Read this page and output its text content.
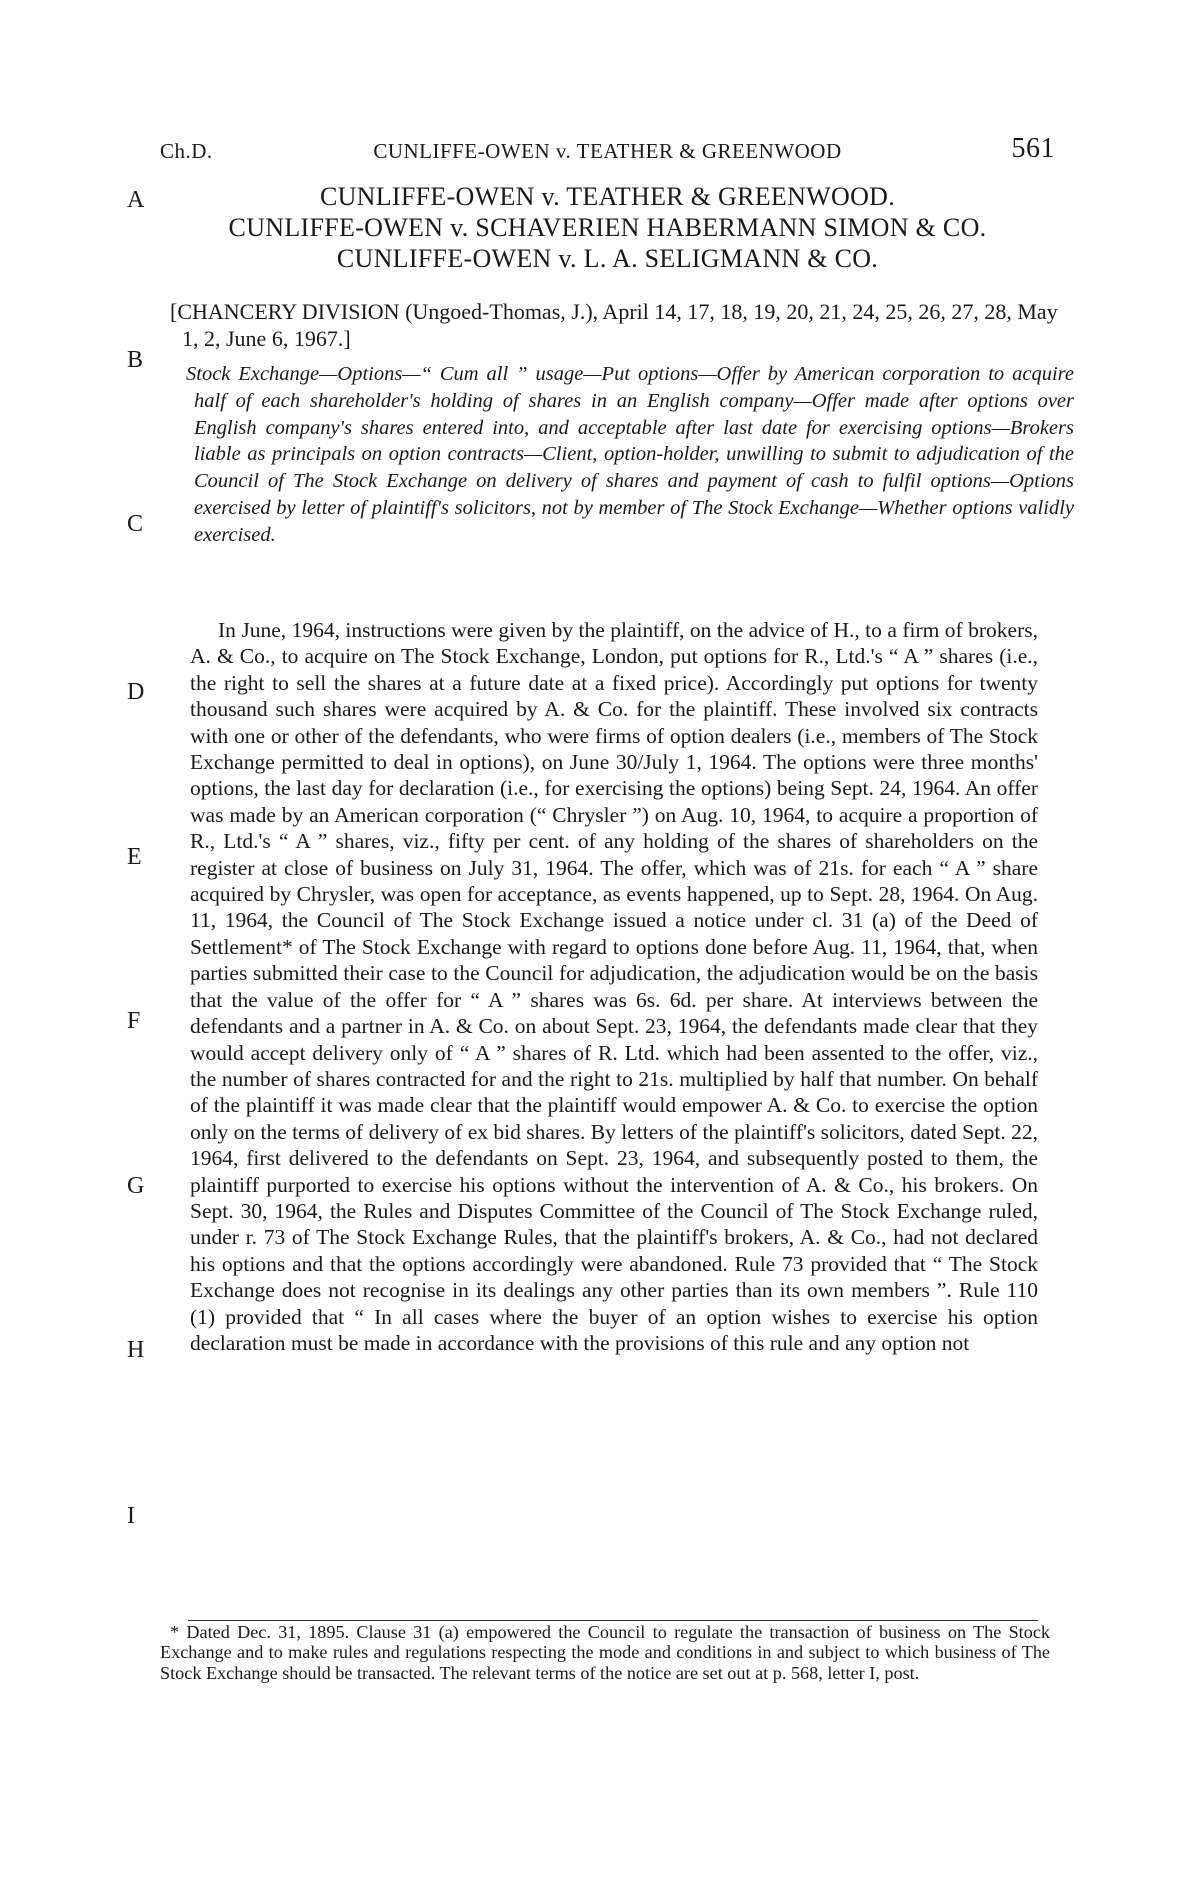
Ch.D.	CUNLIFFE-OWEN v. TEATHER & GREENWOOD	561
A
B
C
D
E
F
G
H
I
CUNLIFFE-OWEN v. TEATHER & GREENWOOD.
CUNLIFFE-OWEN v. SCHAVERIEN HABERMANN SIMON & CO.
CUNLIFFE-OWEN v. L. A. SELIGMANN & CO.
[CHANCERY DIVISION (Ungoed-Thomas, J.), April 14, 17, 18, 19, 20, 21, 24, 25, 26, 27, 28, May 1, 2, June 6, 1967.]
Stock Exchange—Options—“ Cum all ” usage—Put options—Offer by American corporation to acquire half of each shareholder's holding of shares in an English company—Offer made after options over English company's shares entered into, and acceptable after last date for exercising options—Brokers liable as principals on option contracts—Client, option-holder, unwilling to submit to adjudication of the Council of The Stock Exchange on delivery of shares and payment of cash to fulfil options—Options exercised by letter of plaintiff's solicitors, not by member of The Stock Exchange—Whether options validly exercised.
In June, 1964, instructions were given by the plaintiff, on the advice of H., to a firm of brokers, A. & Co., to acquire on The Stock Exchange, London, put options for R., Ltd.'s “ A ” shares (i.e., the right to sell the shares at a future date at a fixed price). Accordingly put options for twenty thousand such shares were acquired by A. & Co. for the plaintiff. These involved six contracts with one or other of the defendants, who were firms of option dealers (i.e., members of The Stock Exchange permitted to deal in options), on June 30/July 1, 1964. The options were three months' options, the last day for declaration (i.e., for exercising the options) being Sept. 24, 1964. An offer was made by an American corporation (“ Chrysler ”) on Aug. 10, 1964, to acquire a proportion of R., Ltd.'s “ A ” shares, viz., fifty per cent. of any holding of the shares of shareholders on the register at close of business on July 31, 1964. The offer, which was of 21s. for each “ A ” share acquired by Chrysler, was open for acceptance, as events happened, up to Sept. 28, 1964. On Aug. 11, 1964, the Council of The Stock Exchange issued a notice under cl. 31 (a) of the Deed of Settlement* of The Stock Exchange with regard to options done before Aug. 11, 1964, that, when parties submitted their case to the Council for adjudication, the adjudication would be on the basis that the value of the offer for “ A ” shares was 6s. 6d. per share. At interviews between the defendants and a partner in A. & Co. on about Sept. 23, 1964, the defendants made clear that they would accept delivery only of “ A ” shares of R. Ltd. which had been assented to the offer, viz., the number of shares contracted for and the right to 21s. multiplied by half that number. On behalf of the plaintiff it was made clear that the plaintiff would empower A. & Co. to exercise the option only on the terms of delivery of ex bid shares. By letters of the plaintiff's solicitors, dated Sept. 22, 1964, first delivered to the defendants on Sept. 23, 1964, and subsequently posted to them, the plaintiff purported to exercise his options without the intervention of A. & Co., his brokers. On Sept. 30, 1964, the Rules and Disputes Committee of the Council of The Stock Exchange ruled, under r. 73 of The Stock Exchange Rules, that the plaintiff's brokers, A. & Co., had not declared his options and that the options accordingly were abandoned. Rule 73 provided that “ The Stock Exchange does not recognise in its dealings any other parties than its own members ”. Rule 110 (1) provided that “ In all cases where the buyer of an option wishes to exercise his option declaration must be made in accordance with the provisions of this rule and any option not
* Dated Dec. 31, 1895. Clause 31 (a) empowered the Council to regulate the transaction of business on The Stock Exchange and to make rules and regulations respecting the mode and conditions in and subject to which business of The Stock Exchange should be transacted. The relevant terms of the notice are set out at p. 568, letter I, post.
